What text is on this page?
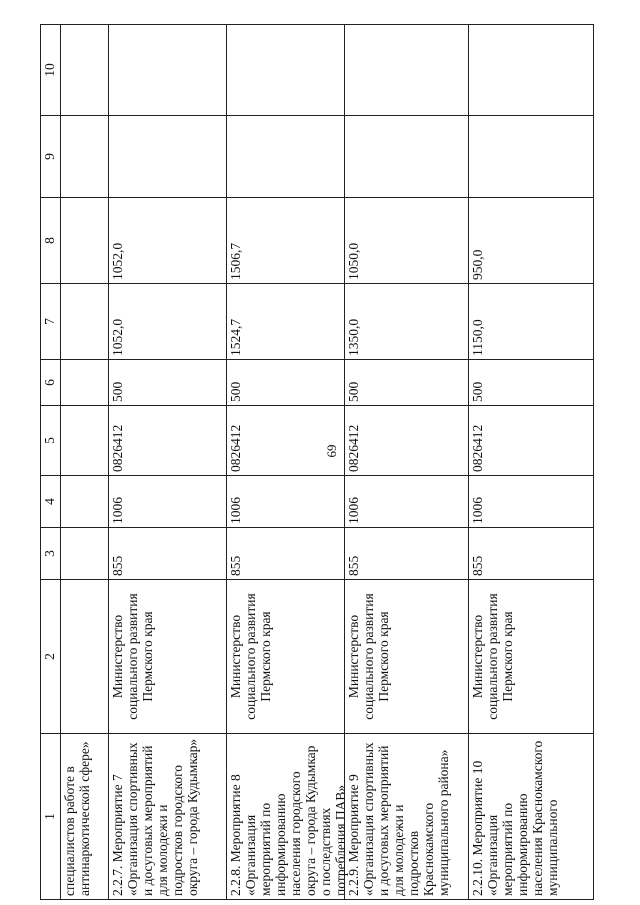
69
1
2
3
4
5
6
7
8
9
10
специалистов работе в антинаркотической сфере»	2.2.7. Мероприятие 7 «Организация спортивных и досуговых мероприятий для молодежи и подростков городского округа – города Кудымкар»
Министерство социального развития Пермского края
855
1006
0826412
500
1052,0
1052,0
2.2.8. Мероприятие 8 «Организация мероприятий по информированию населения городского округа – города Кудымкар о последствиях потребления ПАВ»
Министерство социального развития Пермского края
855
1006
0826412
500
1524,7
1506,7
2.2.9. Мероприятие 9 «Организация спортивных и досуговых мероприятий для молодежи и подростков Краснокамского муниципального района»
Министерство социального развития Пермского края
855
1006
0826412
500
1350,0
1050,0
2.2.10. Мероприятие 10 «Организация мероприятий по информированию населения Краснокамского муниципального
Министерство социального развития Пермского края
855
1006
0826412
500
1150,0
950,0
